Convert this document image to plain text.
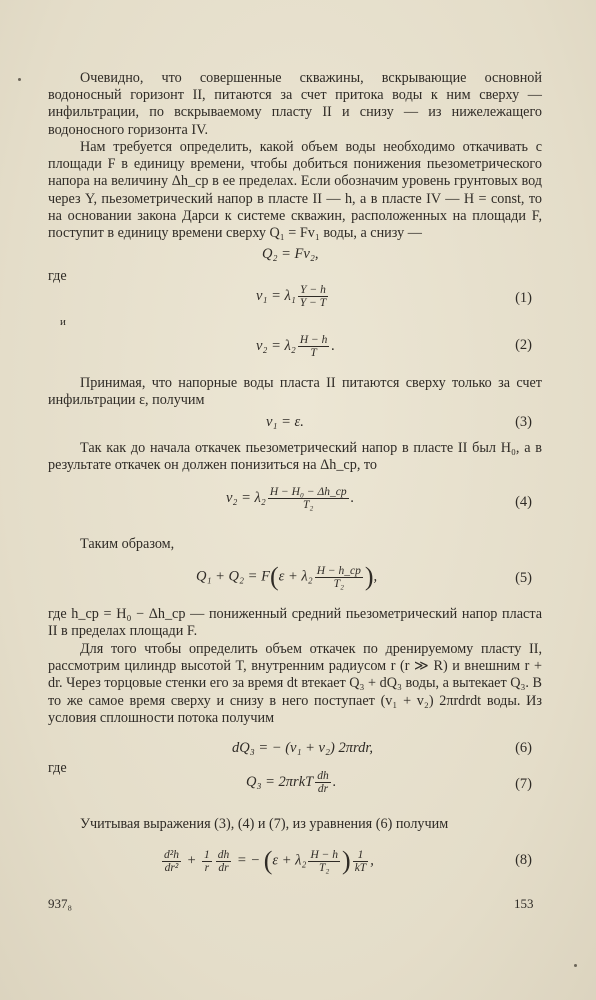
Очевидно, что совершенные скважины, вскрывающие основной водоносный горизонт II, питаются за счет притока воды к ним сверху — инфильтрации, по вскрываемому пласту II и снизу — из нижележащего водоносного горизонта IV.
Нам требуется определить, какой объем воды необходимо откачивать с площади F в единицу времени, чтобы добиться понижения пьезометрического напора на величину Δh_ср в ее пределах. Если обозначим уровень грунтовых вод через Y, пьезометрический напор в пласте II — h, а в пласте IV — H = const, то на основании закона Дарси к системе скважин, расположенных на площади F, поступит в единицу времени сверху Q₁ = Fv₁ воды, а снизу —
Q₂ = Fv₂,
где
$v_1 = \lambda_1 \frac{Y - h}{Y - T}$	(1)
и
$v_2 = \lambda_2 \frac{H - h}{T}$ .	(2)
Принимая, что напорные воды пласта II питаются сверху только за счет инфильтрации ε, получим
v₁ = ε.	(3)
Так как до начала откачек пьезометрический напор в пласте II был H₀, а в результате откачек он должен понизиться на Δh_ср, то
$v_2 = \lambda_2 \frac{\text{H − H₀ − Δh\_ср}}{\text{T₂}}$ .	(4)
Таким образом,
$Q_1 + Q_2 = F(\varepsilon + \lambda_2 \frac{H - h\_ср}{\text{T₂}}$ ),	(5)
где h_ср = H₀ − Δh_ср — пониженный средний пьезометрический напор пласта II в пределах площади F.
Для того чтобы определить объем откачек по дренируемому пласту II, рассмотрим цилиндр высотой T, внутренним радиусом r (r ≫ R) и внешним r + dr. Через торцовые стенки его за время dt втекает Q₃ + dQ₃ воды, а вытекает Q₃. В то же самое время сверху и снизу в него поступает (v₁ + v₂) 2πrdrdt воды. Из условия сплошности потока получим
dQ₃ = − (v₁ + v₂) 2πrdr,	(6)
где
$Q_3 = 2\pi rkT \frac{dh}{dr}$ .	(7)
Учитывая выражения (3), (4) и (7), из уравнения (6) получим
$\frac{\text{d²h}}{\text{dr²}} + \frac{1}{r} \frac{dh}{dr}$ = − ($\varepsilon + \lambda_2 \frac{H - h}{\text{T₂}}$ ) $\frac{1}{kT}$ ,	(8)
937₈	153
